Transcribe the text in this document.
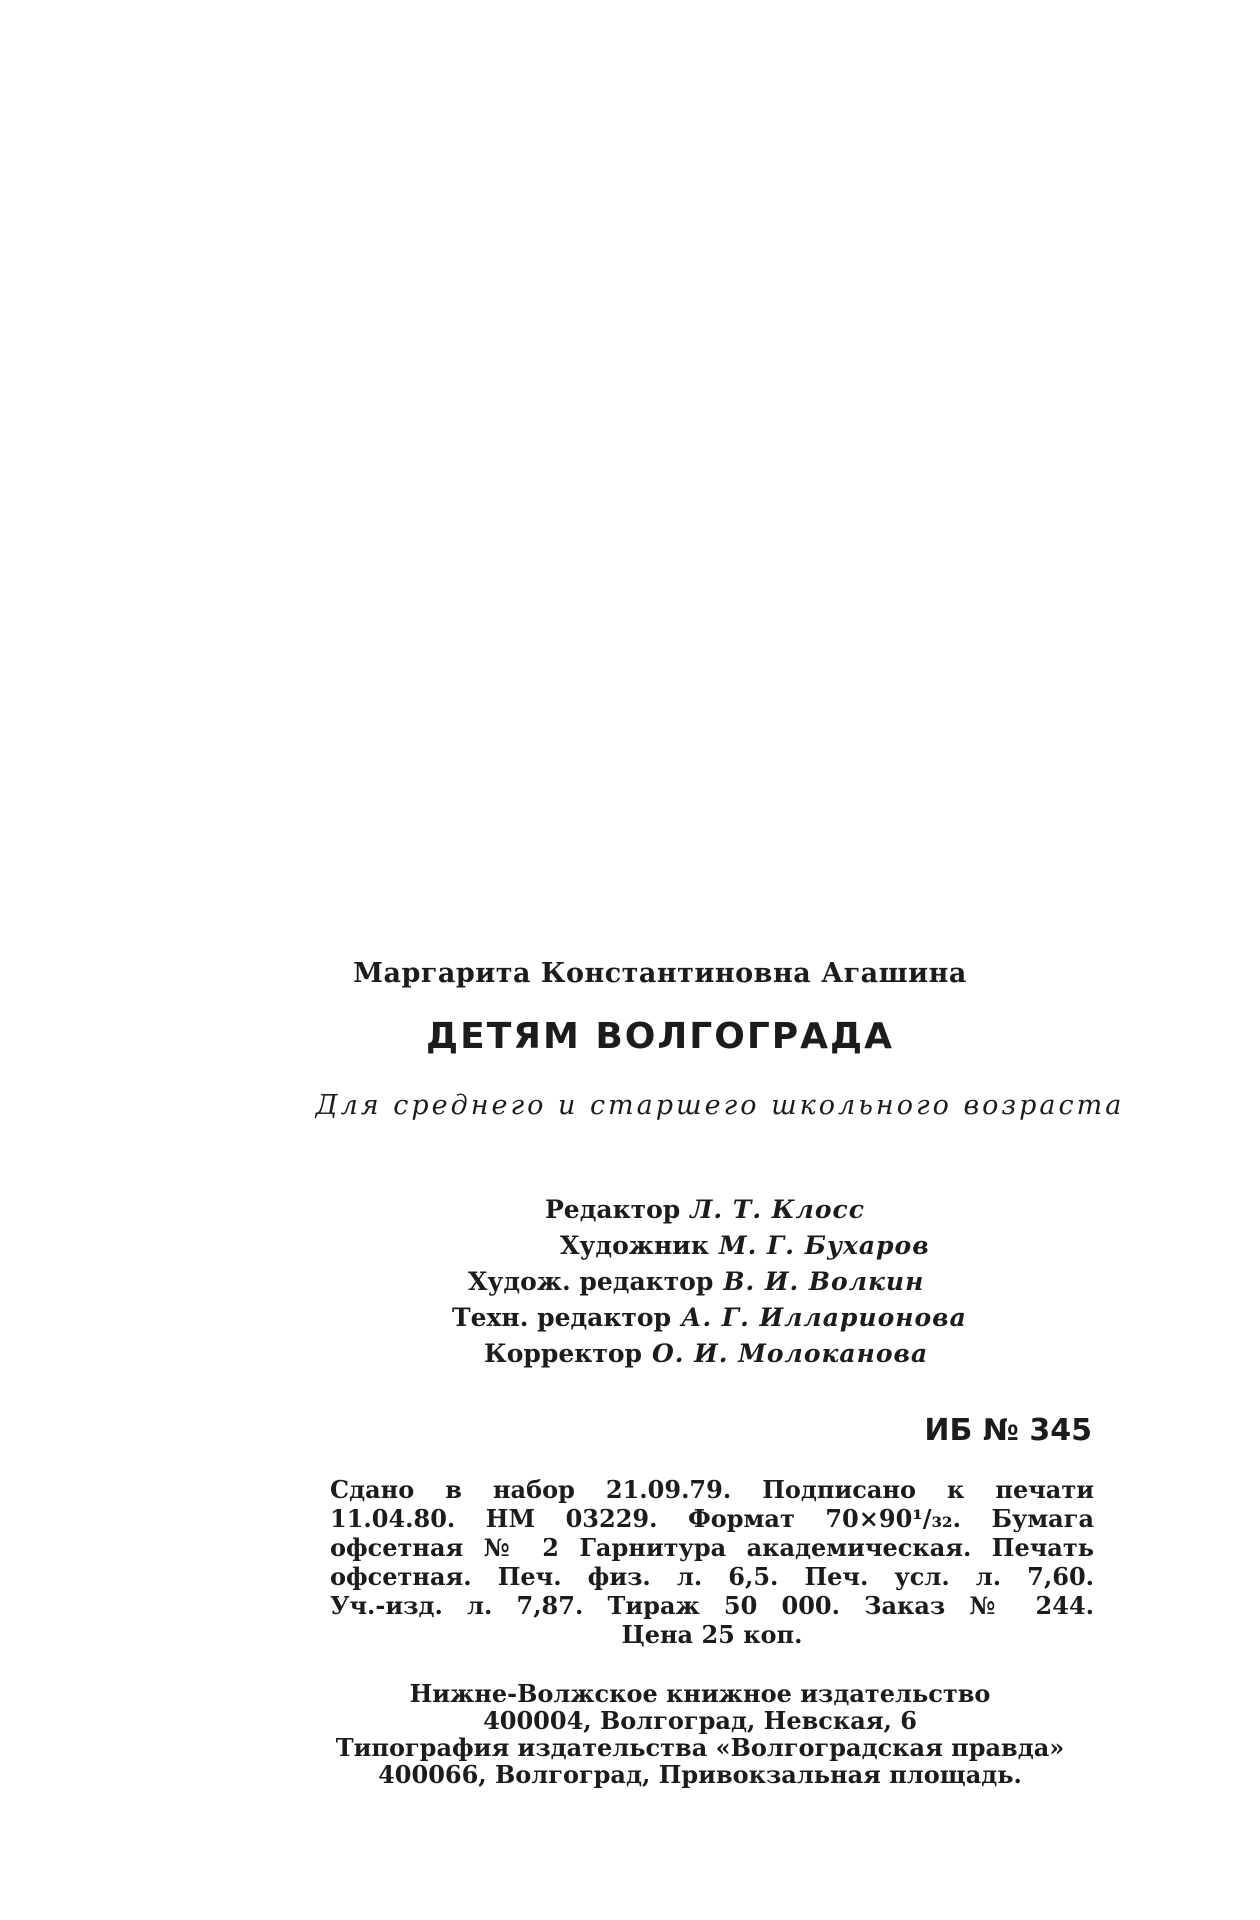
Маргарита Константиновна Агашина
ДЕТЯМ ВОЛГОГРАДА
Для среднего и старшего школьного возраста
Редактор Л. Т. Клосс
Художник М. Г. Бухаров
Худож. редактор В. И. Волкин
Техн. редактор А. Г. Илларионова
Корректор О. И. Молоканова
ИБ № 345
Сдано в набор 21.09.79. Подписано к печати
11.04.80. НМ 03229. Формат 70×90¹/₃₂. Бумага
офсетная № 2 Гарнитура академическая. Печать
офсетная. Печ. физ. л. 6,5. Печ. усл. л. 7,60.
Уч.-изд. л. 7,87. Тираж 50 000. Заказ № 244.
Цена 25 коп.
Нижне-Волжское книжное издательство
400004, Волгоград, Невская, 6
Типография издательства «Волгоградская правда»
400066, Волгоград, Привокзальная площадь.
